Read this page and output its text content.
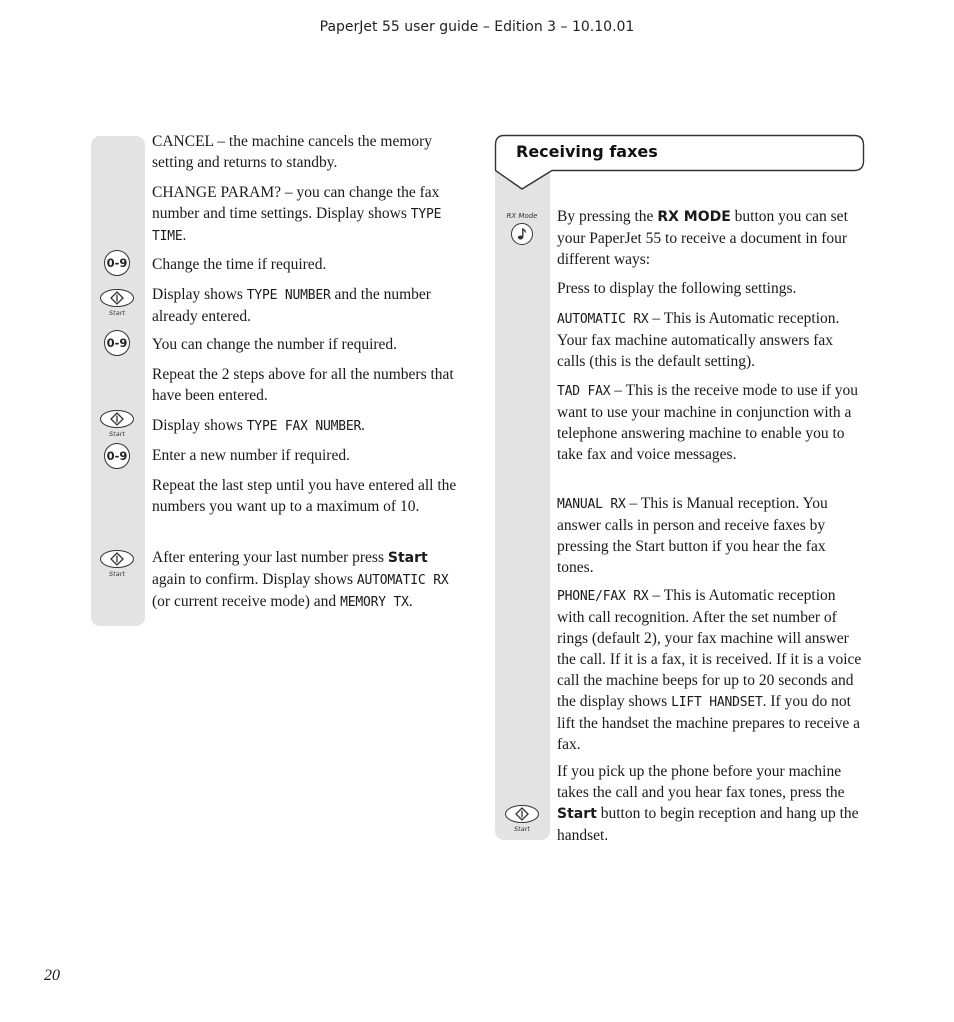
PaperJet 55 user guide – Edition 3 – 10.10.01

CANCEL – the machine cancels the memory setting and returns to standby.

CHANGE PARAM? – you can change the fax number and time settings. Display shows TYPE TIME.

0-9 Change the time if required.

Start

Display shows TYPE NUMBER and the number already entered.

0-9 You can change the number if required.

Repeat the 2 steps above for all the numbers that have been entered.

Start	Display shows TYPE FAX NUMBER.

0-9 Enter a new number if required.

Repeat the last step until you have entered all the numbers you want up to a maximum of 10.

Start

After entering your last number press Start again to confirm. Display shows AUTOMATIC RX (or current receive mode) and MEMORY TX.

Receiving faxes
RX Mode By pressing the RX MODE button you can set your PaperJet 55 to receive a document in four different ways:

Press to display the following settings.

AUTOMATIC RX – This is Automatic reception. Your fax machine automatically answers fax calls (this is the default setting).

TAD FAX – This is the receive mode to use if you want to use your machine in conjunction with a telephone answering machine to enable you to take fax and voice messages.

MANUAL RX – This is Manual reception. You answer calls in person and receive faxes by pressing the Start button if you hear the fax tones.

PHONE/FAX RX – This is Automatic reception with call recognition. After the set number of rings (default 2), your fax machine will answer the call. If it is a fax, it is received. If it is a voice call the machine beeps for up to 20 seconds and the display shows LIFT HANDSET. If you do not lift the handset the machine prepares to receive a fax.

Start

If you pick up the phone before your machine takes the call and you hear fax tones, press the Start button to begin reception and hang up the handset.

20
